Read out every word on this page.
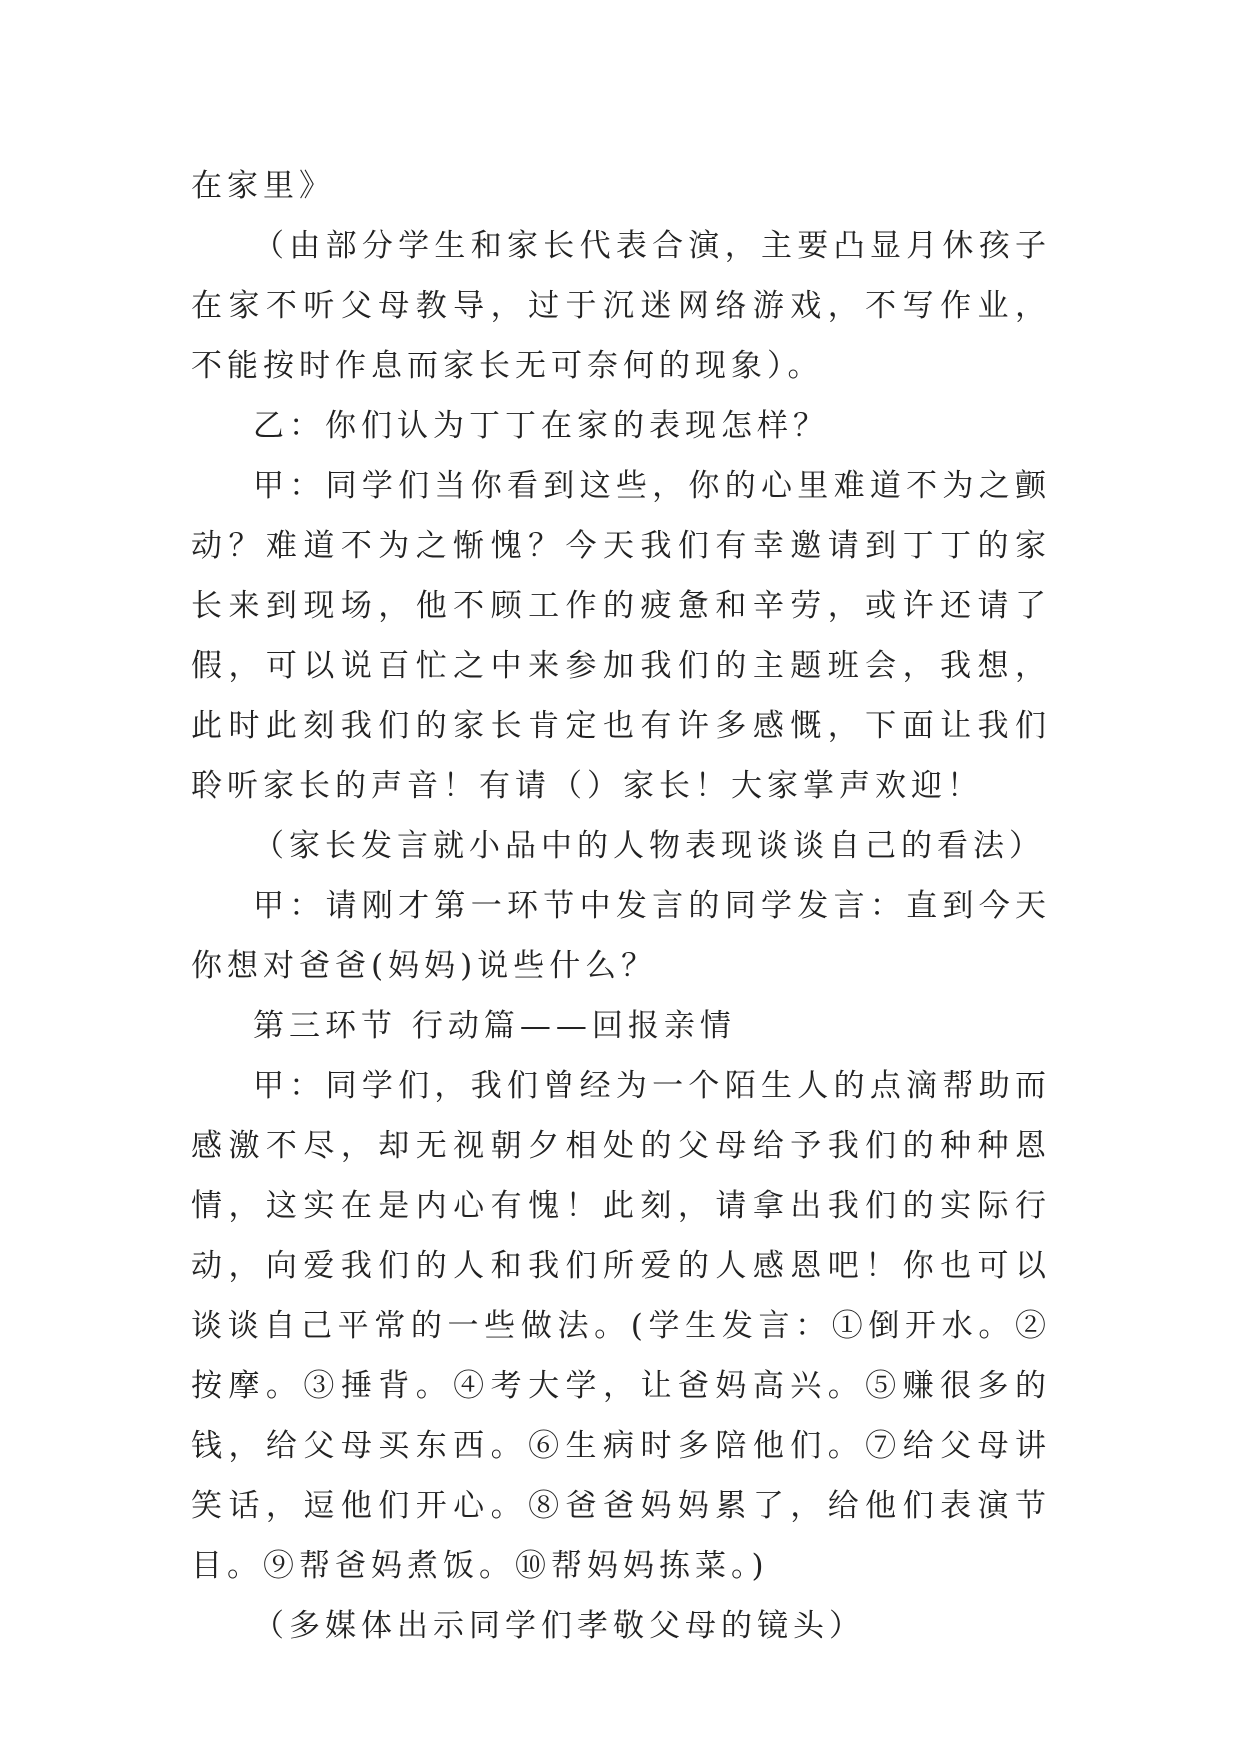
在家里》

（由部分学生和家长代表合演，主要凸显月休孩子在家不听父母教导，过于沉迷网络游戏，不写作业，不能按时作息而家长无可奈何的现象）。

乙：你们认为丁丁在家的表现怎样？

甲：同学们当你看到这些，你的心里难道不为之颤动？难道不为之惭愧？今天我们有幸邀请到丁丁的家长来到现场，他不顾工作的疲惫和辛劳，或许还请了假，可以说百忙之中来参加我们的主题班会，我想，此时此刻我们的家长肯定也有许多感慨，下面让我们聆听家长的声音！有请（）家长！大家掌声欢迎！

（家长发言就小品中的人物表现谈谈自己的看法）

甲：请刚才第一环节中发言的同学发言：直到今天你想对爸爸(妈妈)说些什么？

第三环节 行动篇——回报亲情

甲：同学们，我们曾经为一个陌生人的点滴帮助而感激不尽，却无视朝夕相处的父母给予我们的种种恩情，这实在是内心有愧！此刻，请拿出我们的实际行动，向爱我们的人和我们所爱的人感恩吧！你也可以谈谈自己平常的一些做法。(学生发言：①倒开水。②按摩。③捶背。④考大学，让爸妈高兴。⑤赚很多的钱，给父母买东西。⑥生病时多陪他们。⑦给父母讲笑话，逗他们开心。⑧爸爸妈妈累了，给他们表演节目。⑨帮爸妈煮饭。⑩帮妈妈拣菜。)

（多媒体出示同学们孝敬父母的镜头）
